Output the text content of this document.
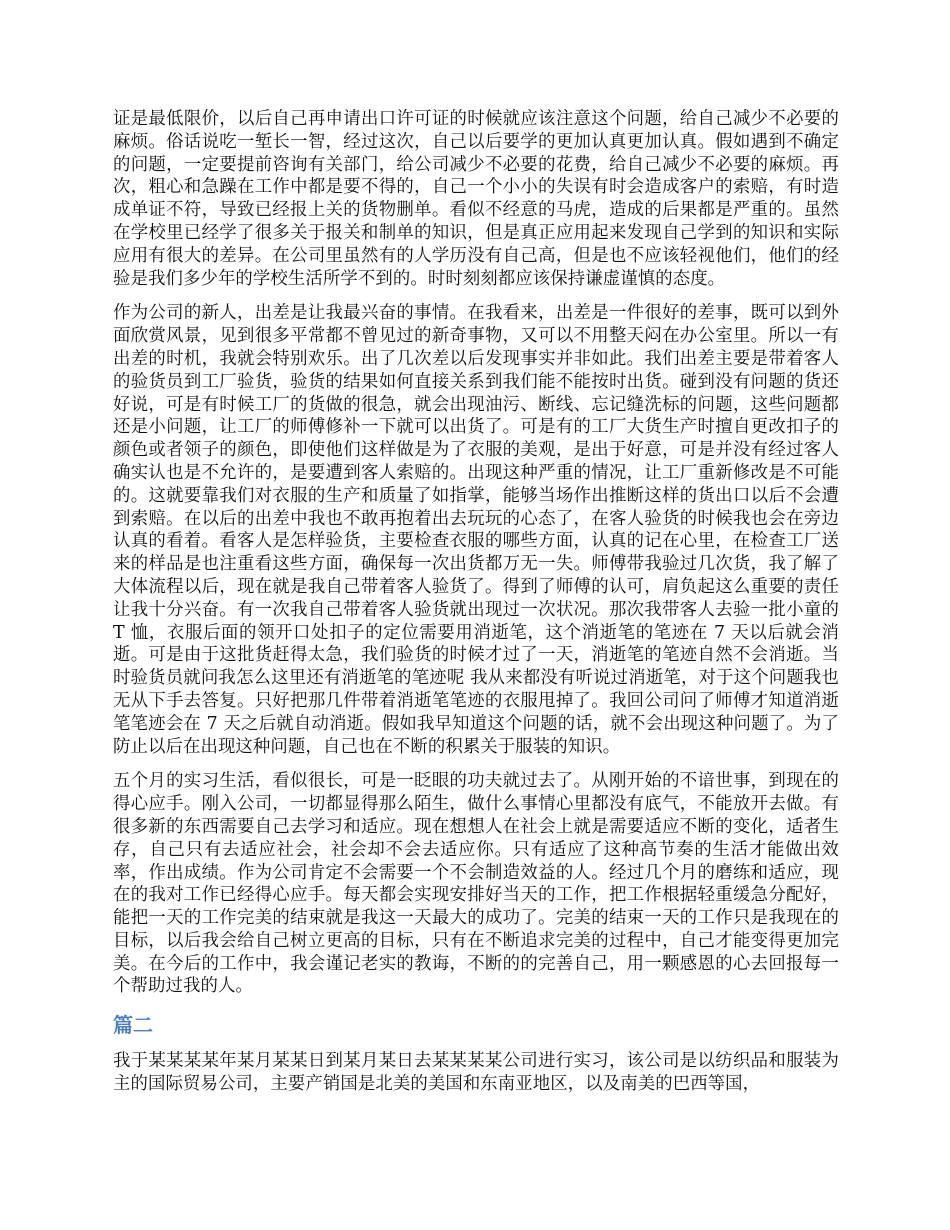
证是最低限价，以后自己再申请出口许可证的时候就应该注意这个问题，给自己减少不必要的麻烦。俗话说吃一堑长一智，经过这次，自己以后要学的更加认真更加认真。假如遇到不确定的问题，一定要提前咨询有关部门，给公司减少不必要的花费，给自己减少不必要的麻烦。再次，粗心和急躁在工作中都是要不得的，自己一个小小的失误有时会造成客户的索赔，有时造成单证不符，导致已经报上关的货物删单。看似不经意的马虎，造成的后果都是严重的。虽然在学校里已经学了很多关于报关和制单的知识，但是真正应用起来发现自己学到的知识和实际应用有很大的差异。在公司里虽然有的人学历没有自己高，但是也不应该轻视他们，他们的经验是我们多少年的学校生活所学不到的。时时刻刻都应该保持谦虚谨慎的态度。

作为公司的新人，出差是让我最兴奋的事情。在我看来，出差是一件很好的差事，既可以到外面欣赏风景，见到很多平常都不曾见过的新奇事物，又可以不用整天闷在办公室里。所以一有出差的时机，我就会特别欢乐。出了几次差以后发现事实并非如此。我们出差主要是带着客人的验货员到工厂验货，验货的结果如何直接关系到我们能不能按时出货。碰到没有问题的货还好说，可是有时候工厂的货做的很急，就会出现油污、断线、忘记缝洗标的问题，这些问题都还是小问题，让工厂的师傅修补一下就可以出货了。可是有的工厂大货生产时擅自更改扣子的颜色或者领子的颜色，即使他们这样做是为了衣服的美观，是出于好意，可是并没有经过客人确实认也是不允许的，是要遭到客人索赔的。出现这种严重的情况，让工厂重新修改是不可能的。这就要靠我们对衣服的生产和质量了如指掌，能够当场作出推断这样的货出口以后不会遭到索赔。在以后的出差中我也不敢再抱着出去玩玩的心态了，在客人验货的时候我也会在旁边认真的看着。看客人是怎样验货，主要检查衣服的哪些方面，认真的记在心里，在检查工厂送来的样品是也注重看这些方面，确保每一次出货都万无一失。师傅带我验过几次货，我了解了大体流程以后，现在就是我自己带着客人验货了。得到了师傅的认可，肩负起这么重要的责任让我十分兴奋。有一次我自己带着客人验货就出现过一次状况。那次我带客人去验一批小童的 T 恤，衣服后面的领开口处扣子的定位需要用消逝笔，这个消逝笔的笔迹在 7 天以后就会消逝。可是由于这批货赶得太急，我们验货的时候才过了一天，消逝笔的笔迹自然不会消逝。当时验货员就问我怎么这里还有消逝笔的笔迹呢 我从来都没有听说过消逝笔，对于这个问题我也无从下手去答复。只好把那几件带着消逝笔笔迹的衣服甩掉了。我回公司问了师傅才知道消逝笔笔迹会在 7 天之后就自动消逝。假如我早知道这个问题的话，就不会出现这种问题了。为了防止以后在出现这种问题，自己也在不断的积累关于服装的知识。

五个月的实习生活，看似很长，可是一眨眼的功夫就过去了。从刚开始的不谙世事，到现在的得心应手。刚入公司，一切都显得那么陌生，做什么事情心里都没有底气，不能放开去做。有很多新的东西需要自己去学习和适应。现在想想人在社会上就是需要适应不断的变化，适者生存，自己只有去适应社会，社会却不会去适应你。只有适应了这种高节奏的生活才能做出效率，作出成绩。作为公司肯定不会需要一个不会制造效益的人。经过几个月的磨练和适应，现在的我对工作已经得心应手。每天都会实现安排好当天的工作，把工作根据轻重缓急分配好，能把一天的工作完美的结束就是我这一天最大的成功了。完美的结束一天的工作只是我现在的目标，以后我会给自己树立更高的目标，只有在不断追求完美的过程中，自己才能变得更加完美。在今后的工作中，我会谨记老实的教诲，不断的的完善自己，用一颗感恩的心去回报每一个帮助过我的人。

篇二

我于某某某某年某月某某日到某月某日去某某某某公司进行实习，该公司是以纺织品和服装为主的国际贸易公司，主要产销国是北美的美国和东南亚地区，以及南美的巴西等国，
